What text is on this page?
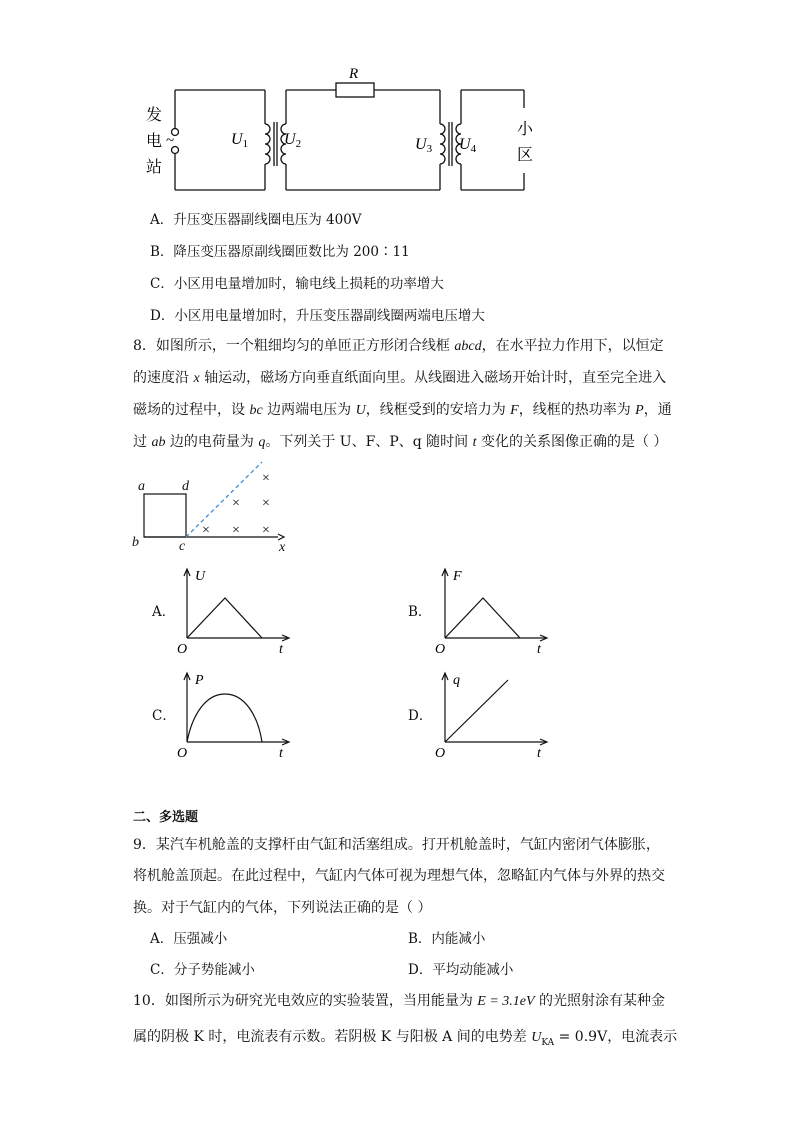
R
发
电
站
~	U1 U2	U3 U4
小
区
A．升压变压器副线圈电压为 400V
B．降压变压器原副线圈匝数比为 200∶11
C．小区用电量增加时，输电线上损耗的功率增大
D．小区用电量增加时，升压变压器副线圈两端电压增大
8．如图所示，一个粗细均匀的单匝正方形闭合线框 abcd，在水平拉力作用下，以恒定
的速度沿 x 轴运动，磁场方向垂直纸面向里。从线圈进入磁场开始计时，直至完全进入
磁场的过程中，设 bc 边两端电压为 U，线框受到的安培力为 F，线框的热功率为 P，通
过 ab 边的电荷量为 q。下列关于 U、F、P、q 随时间 t 变化的关系图像正确的是（ ）
×
× ×
× × ×
a	d
b	c	x
A．
U
O	t
B．
F
O	t
C．
P
O	t
D．
q
O	t
二、多选题
9．某汽车机舱盖的支撑杆由气缸和活塞组成。打开机舱盖时，气缸内密闭气体膨胀，
将机舱盖顶起。在此过程中，气缸内气体可视为理想气体，忽略缸内气体与外界的热交
换。对于气缸内的气体，下列说法正确的是（ ）
A．压强减小	B．内能减小
C．分子势能减小	D．平均动能减小
10．如图所示为研究光电效应的实验装置，当用能量为 E = 3.1eV 的光照射涂有某种金
属的阴极 K 时，电流表有示数。若阴极 K 与阳极 A 间的电势差 $U_{KA} = 0.9V$，电流表示
